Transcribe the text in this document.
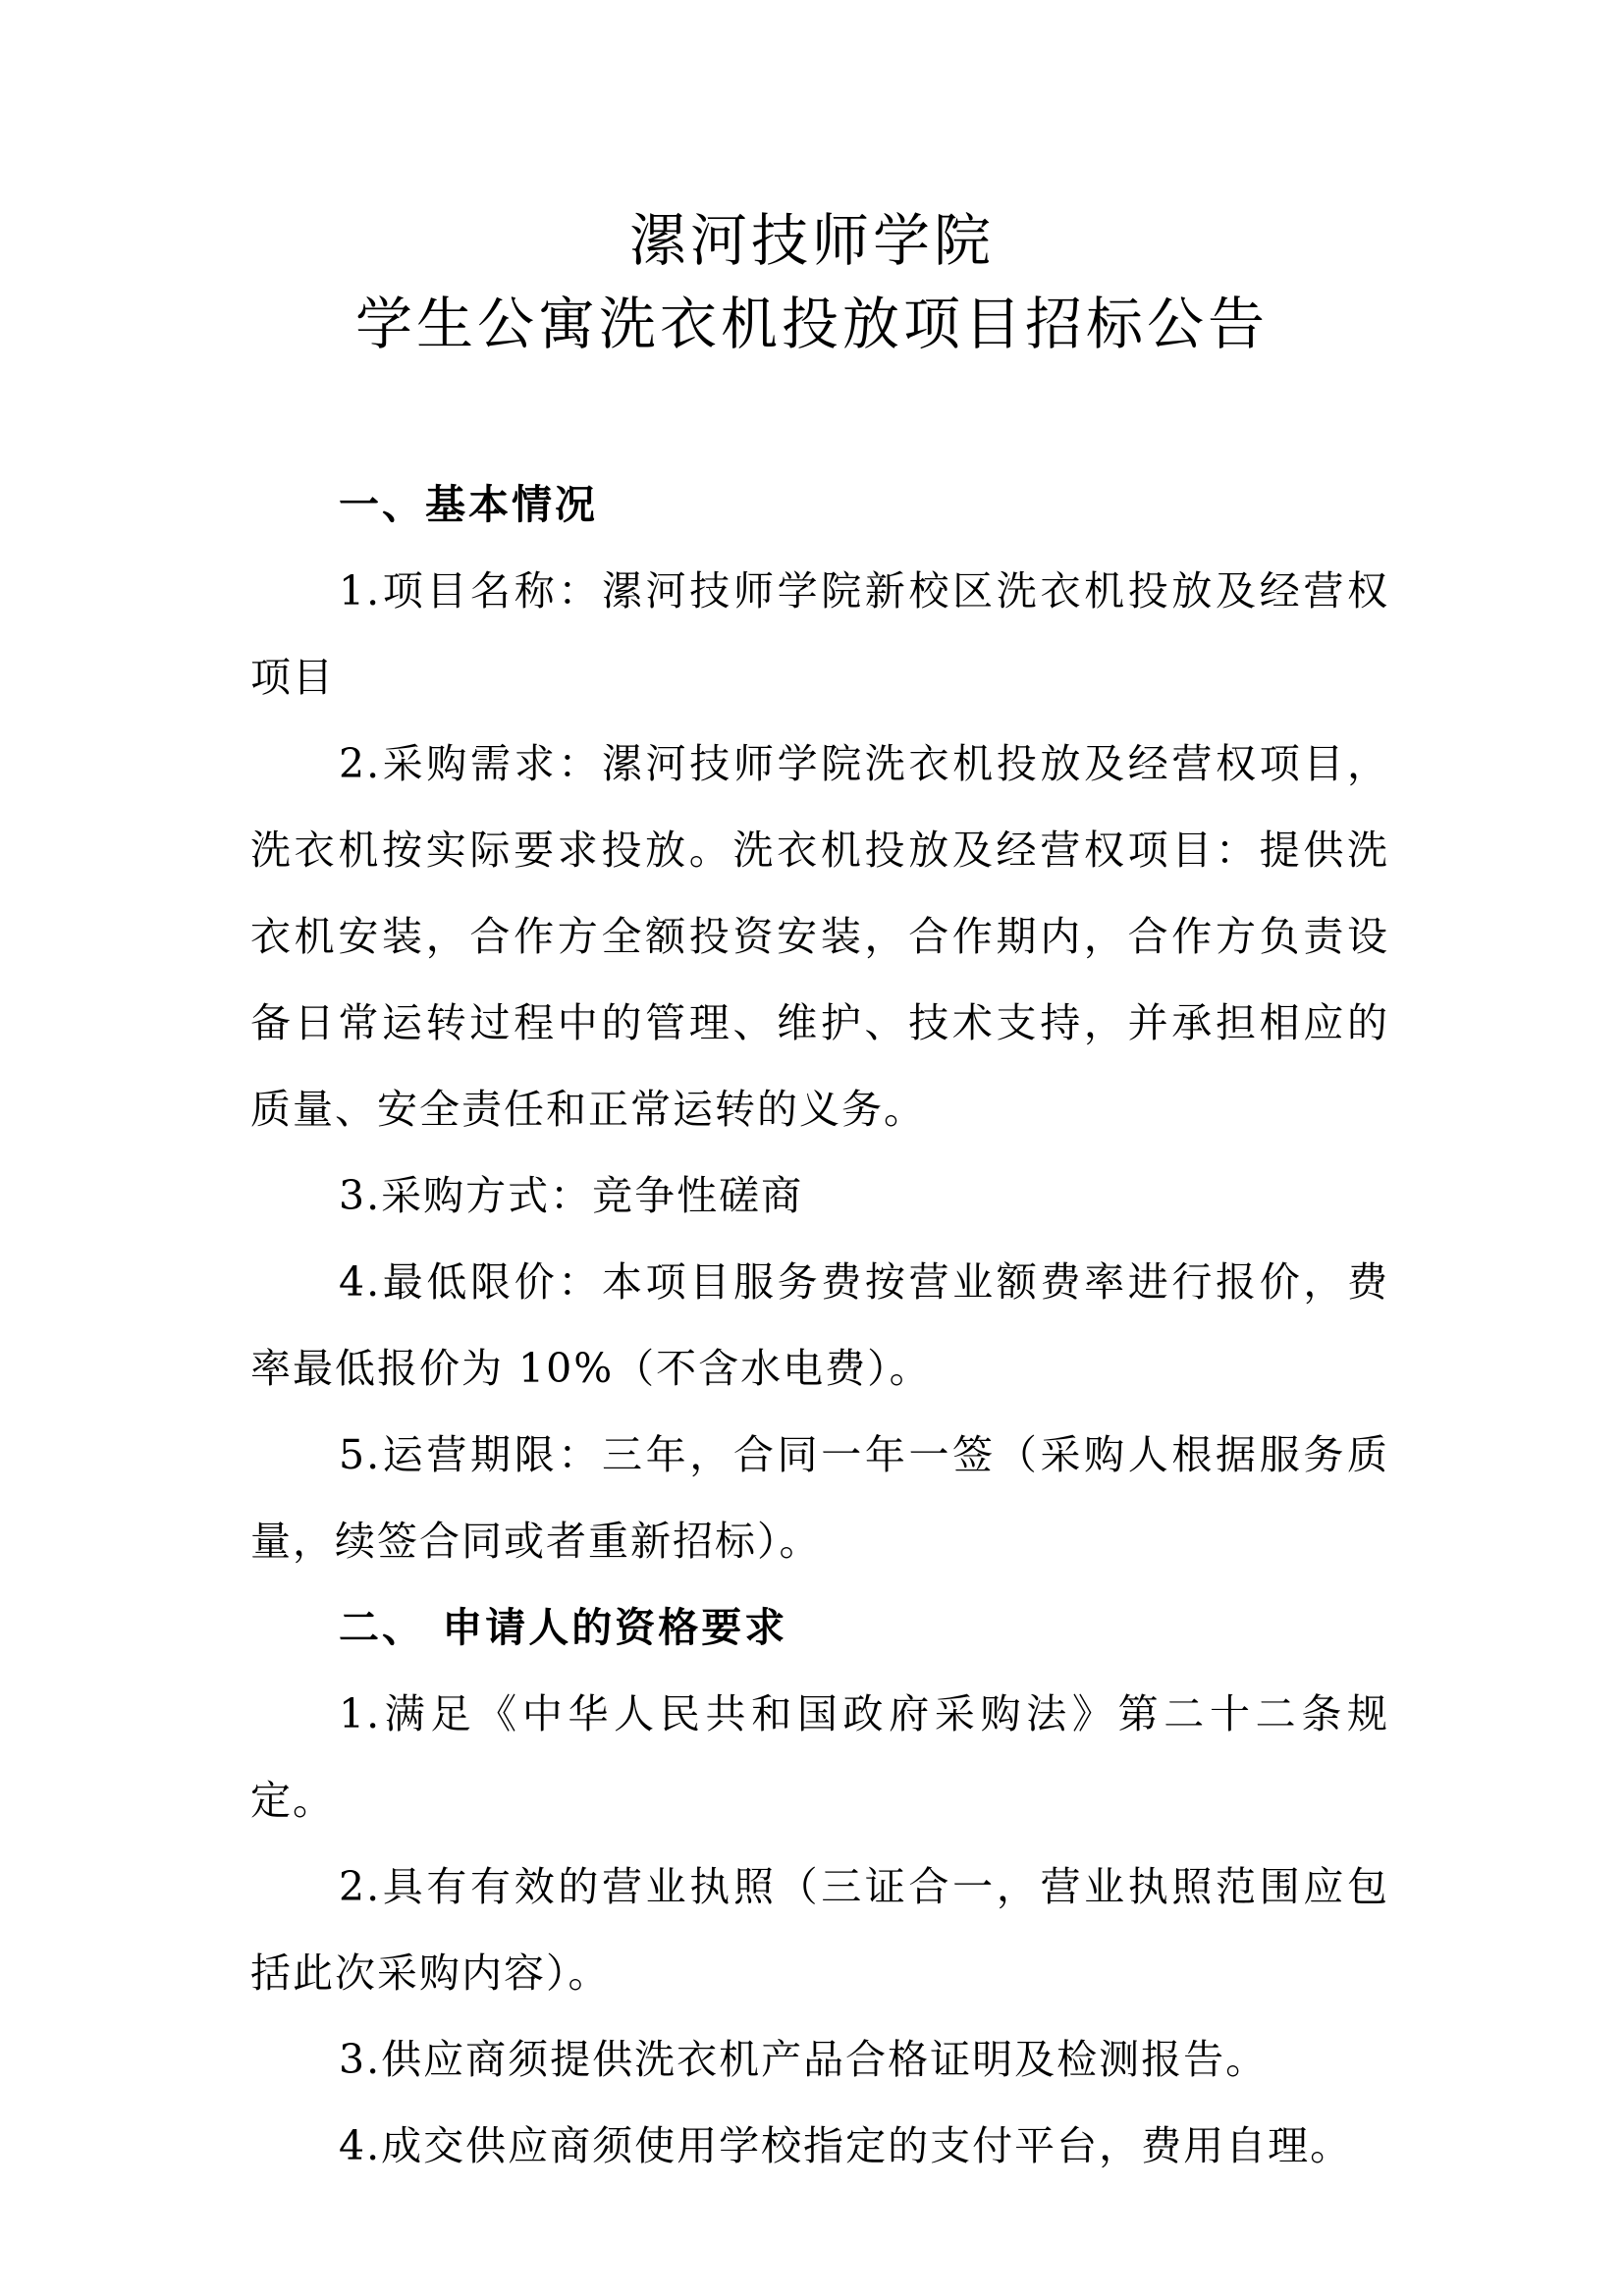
漯河技师学院
学生公寓洗衣机投放项目招标公告

一、基本情况

1.项目名称：漯河技师学院新校区洗衣机投放及经营权项目

2.采购需求：漯河技师学院洗衣机投放及经营权项目，洗衣机按实际要求投放。洗衣机投放及经营权项目：提供洗衣机安装，合作方全额投资安装，合作期内，合作方负责设备日常运转过程中的管理、维护、技术支持，并承担相应的质量、安全责任和正常运转的义务。

3.采购方式：竞争性磋商

4.最低限价：本项目服务费按营业额费率进行报价，费率最低报价为 10%（不含水电费）。

5.运营期限：三年，合同一年一签（采购人根据服务质量，续签合同或者重新招标）。

二、 申请人的资格要求

1.满足《中华人民共和国政府采购法》第二十二条规定。

2.具有有效的营业执照（三证合一，营业执照范围应包括此次采购内容）。

3.供应商须提供洗衣机产品合格证明及检测报告。

4.成交供应商须使用学校指定的支付平台，费用自理。
